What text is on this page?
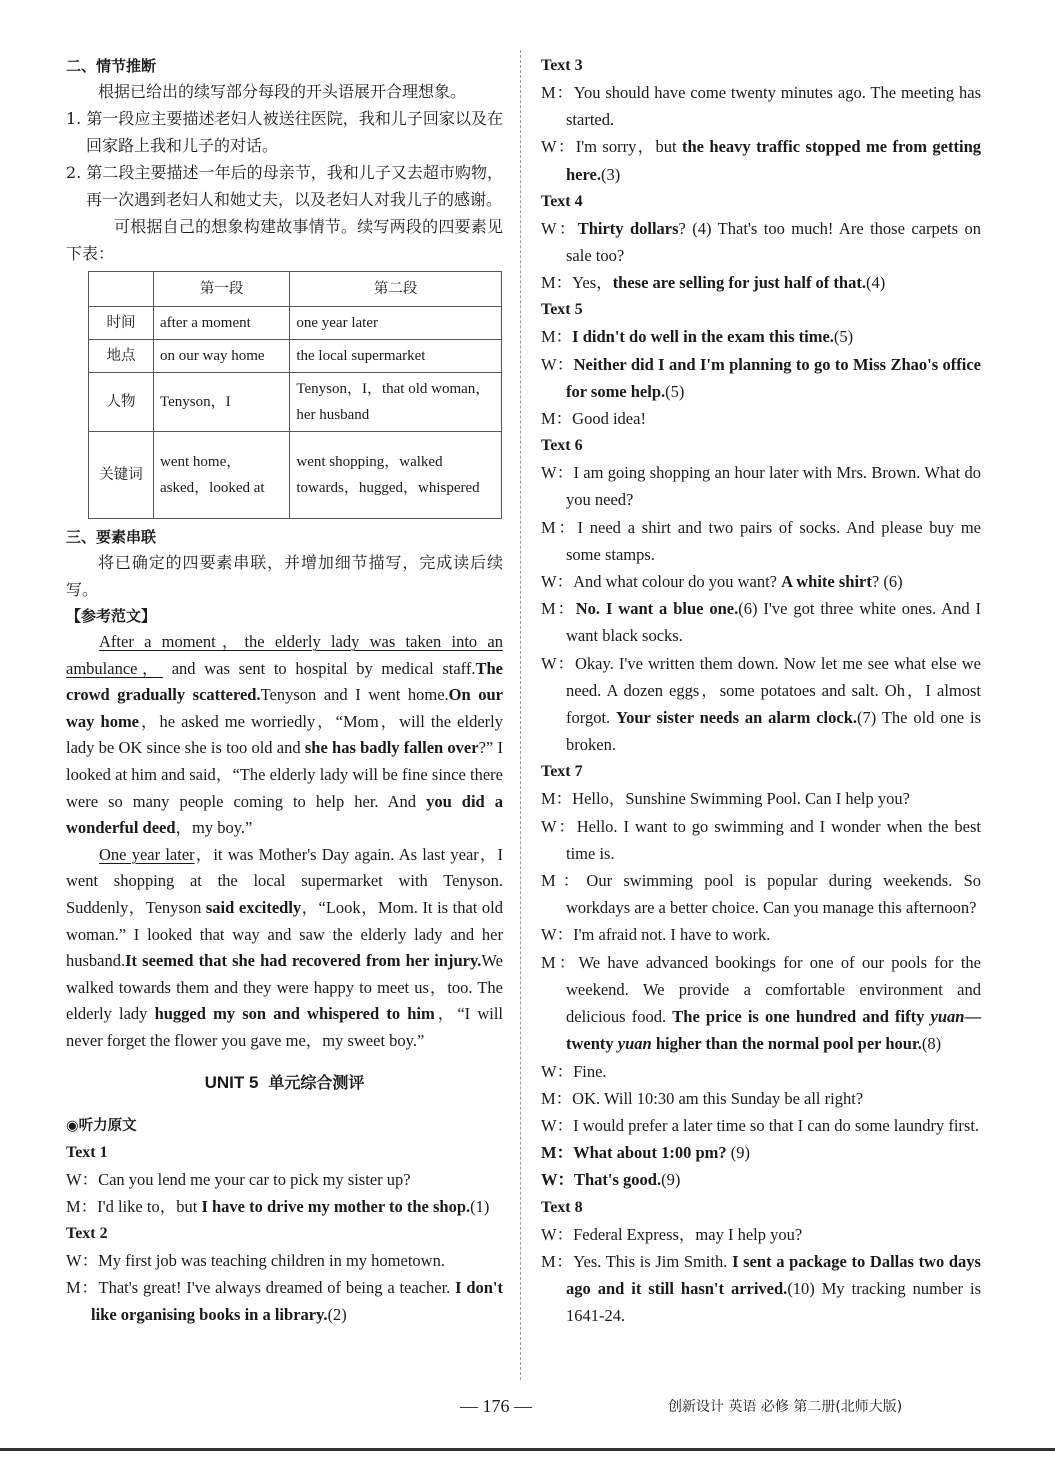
二、情节推断
根据已给出的续写部分每段的开头语展开合理想象。
1. 第一段应主要描述老妇人被送往医院，我和儿子回家以及在回家路上我和儿子的对话。
2. 第二段主要描述一年后的母亲节，我和儿子又去超市购物，再一次遇到老妇人和她丈夫，以及老妇人对我儿子的感谢。
可根据自己的想象构建故事情节。续写两段的四要素见下表：
	第一段	第二段
时间	after a moment	one year later
地点	on our way home	the local supermarket
人物	Tenyson，I	Tenyson，I，that old woman，her husband
关键词	went home，asked，looked at	went shopping，walked towards，hugged，whispered
三、要素串联
将已确定的四要素串联，并增加细节描写，完成读后续写。
【参考范文】

After a moment，the elderly lady was taken into an ambulance， and was sent to hospital by medical staff.The crowd gradually scattered.Tenyson and I went home.On our way home，he asked me worriedly，“Mom，will the elderly lady be OK since she is too old and she has badly fallen over?” I looked at him and said，“The elderly lady will be fine since there were so many people coming to help her. And you did a wonderful deed，my boy.”

One year later，it was Mother's Day again. As last year，I went shopping at the local supermarket with Tenyson. Suddenly，Tenyson said excitedly，“Look，Mom. It is that old woman.” I looked that way and saw the elderly lady and her husband.It seemed that she had recovered from her injury.We walked towards them and they were happy to meet us，too. The elderly lady hugged my son and whispered to him，“I will never forget the flower you gave me，my sweet boy.”

UNIT 5 单元综合测评
◉听力原文
Text 1
W：Can you lend me your car to pick my sister up?
M：I'd like to，but I have to drive my mother to the shop.(1)
Text 2
W：My first job was teaching children in my hometown.
M：That's great! I've always dreamed of being a teacher. I don't like organising books in a library.(2)
Text 3
M：You should have come twenty minutes ago. The meeting has started.
W：I'm sorry，but the heavy traffic stopped me from getting here.(3)
Text 4
W：Thirty dollars? (4) That's too much! Are those carpets on sale too?
M：Yes，these are selling for just half of that.(4)
Text 5
M：I didn't do well in the exam this time.(5)
W：Neither did I and I'm planning to go to Miss Zhao's office for some help.(5)
M：Good idea!
Text 6
W：I am going shopping an hour later with Mrs. Brown. What do you need?
M：I need a shirt and two pairs of socks. And please buy me some stamps.
W：And what colour do you want? A white shirt? (6)
M：No. I want a blue one.(6) I've got three white ones. And I want black socks.
W：Okay. I've written them down. Now let me see what else we need. A dozen eggs，some potatoes and salt. Oh，I almost forgot. Your sister needs an alarm clock.(7) The old one is broken.
Text 7
M：Hello，Sunshine Swimming Pool. Can I help you?
W：Hello. I want to go swimming and I wonder when the best time is.
M：Our swimming pool is popular during weekends. So workdays are a better choice. Can you manage this afternoon?
W：I'm afraid not. I have to work.
M：We have advanced bookings for one of our pools for the weekend. We provide a comfortable environment and delicious food. The price is one hundred and fifty yuan—twenty yuan higher than the normal pool per hour.(8)
W：Fine.
M：OK. Will 10:30 am this Sunday be all right?
W：I would prefer a later time so that I can do some laundry first.
M：What about 1:00 pm? (9)
W：That's good.(9)
Text 8
W：Federal Express，may I help you?
M：Yes. This is Jim Smith. I sent a package to Dallas two days ago and it still hasn't arrived.(10) My tracking number is 1641-24.
— 176 —	创新设计 英语 必修 第二册(北师大版)
